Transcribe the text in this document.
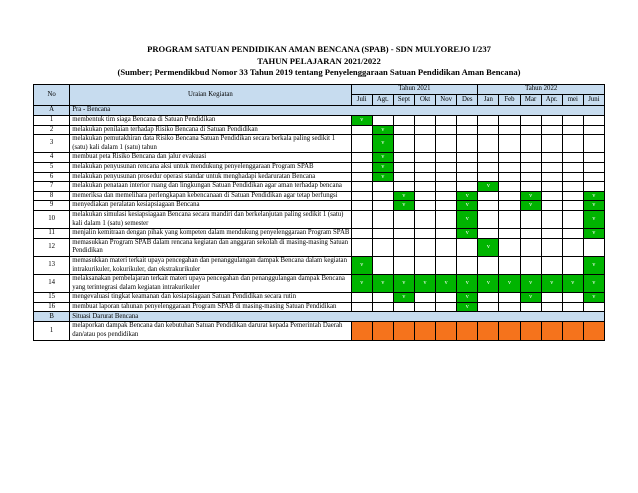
PROGRAM SATUAN PENDIDIKAN AMAN BENCANA (SPAB) - SDN MULYOREJO I/237
TAHUN PELAJARAN 2021/2022
(Sumber; Permendikbud Nomor 33 Tahun 2019 tentang Penyelenggaraan Satuan Pendidikan Aman Bencana)
No	Uraian Kegiatan	Tahun 2021						Tahun 2022					
		Juli	Agt.	Sept	Okt	Nov	Des	Jan	Feb	Mar	Apr.	mei	Juni
A	Pra - Bencana												
1	membentuk tim siaga Bencana di Satuan Pendidikan	v											
2	melakukan penilaian terhadap Risiko Bencana di Satuan Pendidikan		v										
3	melakukan pemutakhiran data Risiko Bencana Satuan Pendidikan secara berkala paling sedikit 1 (satu) kali dalam 1 (satu) tahun		v										
4	membuat peta Risiko Bencana dan jalur evakuasi		v										
5	melakukan penyusunan rencana aksi untuk mendukung penyelenggaraan Program SPAB		v										
6	melakukan penyusunan prosedur operasi standar untuk menghadapi kedaruratan Bencana		v										
7	melakukan penataan interior ruang dan lingkungan Satuan Pendidikan agar aman terhadap bencana							v					
8	memeriksa dan memelihara perlengkapan kebencanaan di Satuan Pendidikan agar tetap berfungsi			v			v			v			v
9	menyediakan peralatan kesiapsiagaan Bencana			v			v			v			v
10	melakukan simulasi kesiapsiagaan Bencana secara mandiri dan berkelanjutan paling sedikit 1 (satu) kali dalam 1 (satu) semester						v						v
11	menjalin kemitraan dengan pihak yang kompeten dalam mendukung penyelenggaraan Program SPAB						v						v
12	memasukkan Program SPAB dalam rencana kegiatan dan anggaran sekolah di masing-masing Satuan Pendidikan							v					
13	memasukkan materi terkait upaya pencegahan dan penanggulangan dampak Bencana dalam kegiatan intrakurikuler, kokurikuler, dan ekstrakurikuler	v											v
14	melaksanakan pembelajaran terkait materi upaya pencegahan dan penanggulangan dampak Bencana yang terintegrasi dalam kegiatan intrakurikuler	v	v	v	v	v	v	v	v	v	v	v	v
15	mengevaluasi tingkat keamanan dan kesiapsiagaan Satuan Pendidikan secara rutin			v			v			v			v
16	membuat laporan tahunan penyelenggaraan Program SPAB di masing-masing Satuan Pendidikan						v						
B	Situasi Darurat Bencana												
1	melaporkan dampak Bencana dan kebutuhan Satuan Pendidikan darurat kepada Pemerintah Daerah dan/atau pos pendidikan												
